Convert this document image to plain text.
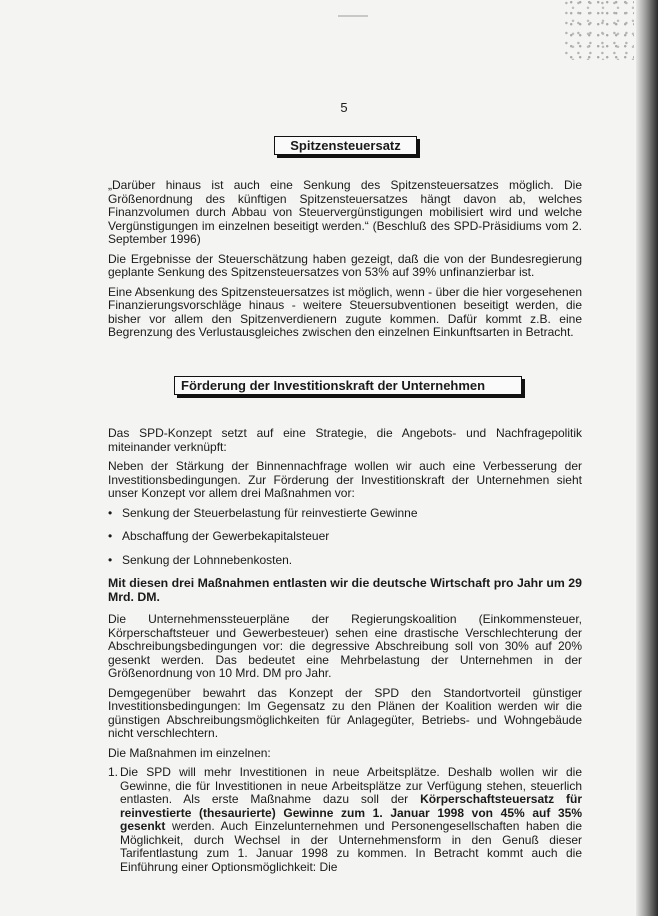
5
Spitzensteuersatz

„Darüber hinaus ist auch eine Senkung des Spitzensteuersatzes möglich. Die Größenordnung des künftigen Spitzensteuersatzes hängt davon ab, welches Finanzvolumen durch Abbau von Steuervergünstigungen mobilisiert wird und welche Vergünstigungen im einzelnen beseitigt werden.“ (Beschluß des SPD-Präsidiums vom 2. September 1996)

Die Ergebnisse der Steuerschätzung haben gezeigt, daß die von der Bundesregierung geplante Senkung des Spitzensteuersatzes von 53% auf 39% unfinanzierbar ist.

Eine Absenkung des Spitzensteuersatzes ist möglich, wenn - über die hier vorgesehenen Finanzierungsvorschläge hinaus - weitere Steuersubventionen beseitigt werden, die bisher vor allem den Spitzenverdienern zugute kommen. Dafür kommt z.B. eine Begrenzung des Verlustausgleiches zwischen den einzelnen Einkunftsarten in Betracht.

Förderung der Investitionskraft der Unternehmen

Das SPD-Konzept setzt auf eine Strategie, die Angebots- und Nachfragepolitik miteinander verknüpft:

Neben der Stärkung der Binnennachfrage wollen wir auch eine Verbesserung der Investitionsbedingungen. Zur Förderung der Investitionskraft der Unternehmen sieht unser Konzept vor allem drei Maßnahmen vor:

• Senkung der Steuerbelastung für reinvestierte Gewinne
• Abschaffung der Gewerbekapitalsteuer
• Senkung der Lohnnebenkosten.

Mit diesen drei Maßnahmen entlasten wir die deutsche Wirtschaft pro Jahr um 29 Mrd. DM.

Die Unternehmenssteuerpläne der Regierungskoalition (Einkommensteuer, Körperschaftsteuer und Gewerbesteuer) sehen eine drastische Verschlechterung der Abschreibungsbedingungen vor: die degressive Abschreibung soll von 30% auf 20% gesenkt werden. Das bedeutet eine Mehrbelastung der Unternehmen in der Größenordnung von 10 Mrd. DM pro Jahr.

Demgegenüber bewahrt das Konzept der SPD den Standortvorteil günstiger Investitionsbedingungen: Im Gegensatz zu den Plänen der Koalition werden wir die günstigen Abschreibungsmöglichkeiten für Anlagegüter, Betriebs- und Wohngebäude nicht verschlechtern.

Die Maßnahmen im einzelnen:

1. Die SPD will mehr Investitionen in neue Arbeitsplätze. Deshalb wollen wir die Gewinne, die für Investitionen in neue Arbeitsplätze zur Verfügung stehen, steuerlich entlasten. Als erste Maßnahme dazu soll der Körperschaftsteuersatz für reinvestierte (thesaurierte) Gewinne zum 1. Januar 1998 von 45% auf 35% gesenkt werden. Auch Einzelunternehmen und Personengesellschaften haben die Möglichkeit, durch Wechsel in der Unternehmensform in den Genuß dieser Tarifentlastung zum 1. Januar 1998 zu kommen. In Betracht kommt auch die Einführung einer Optionsmöglichkeit: Die
